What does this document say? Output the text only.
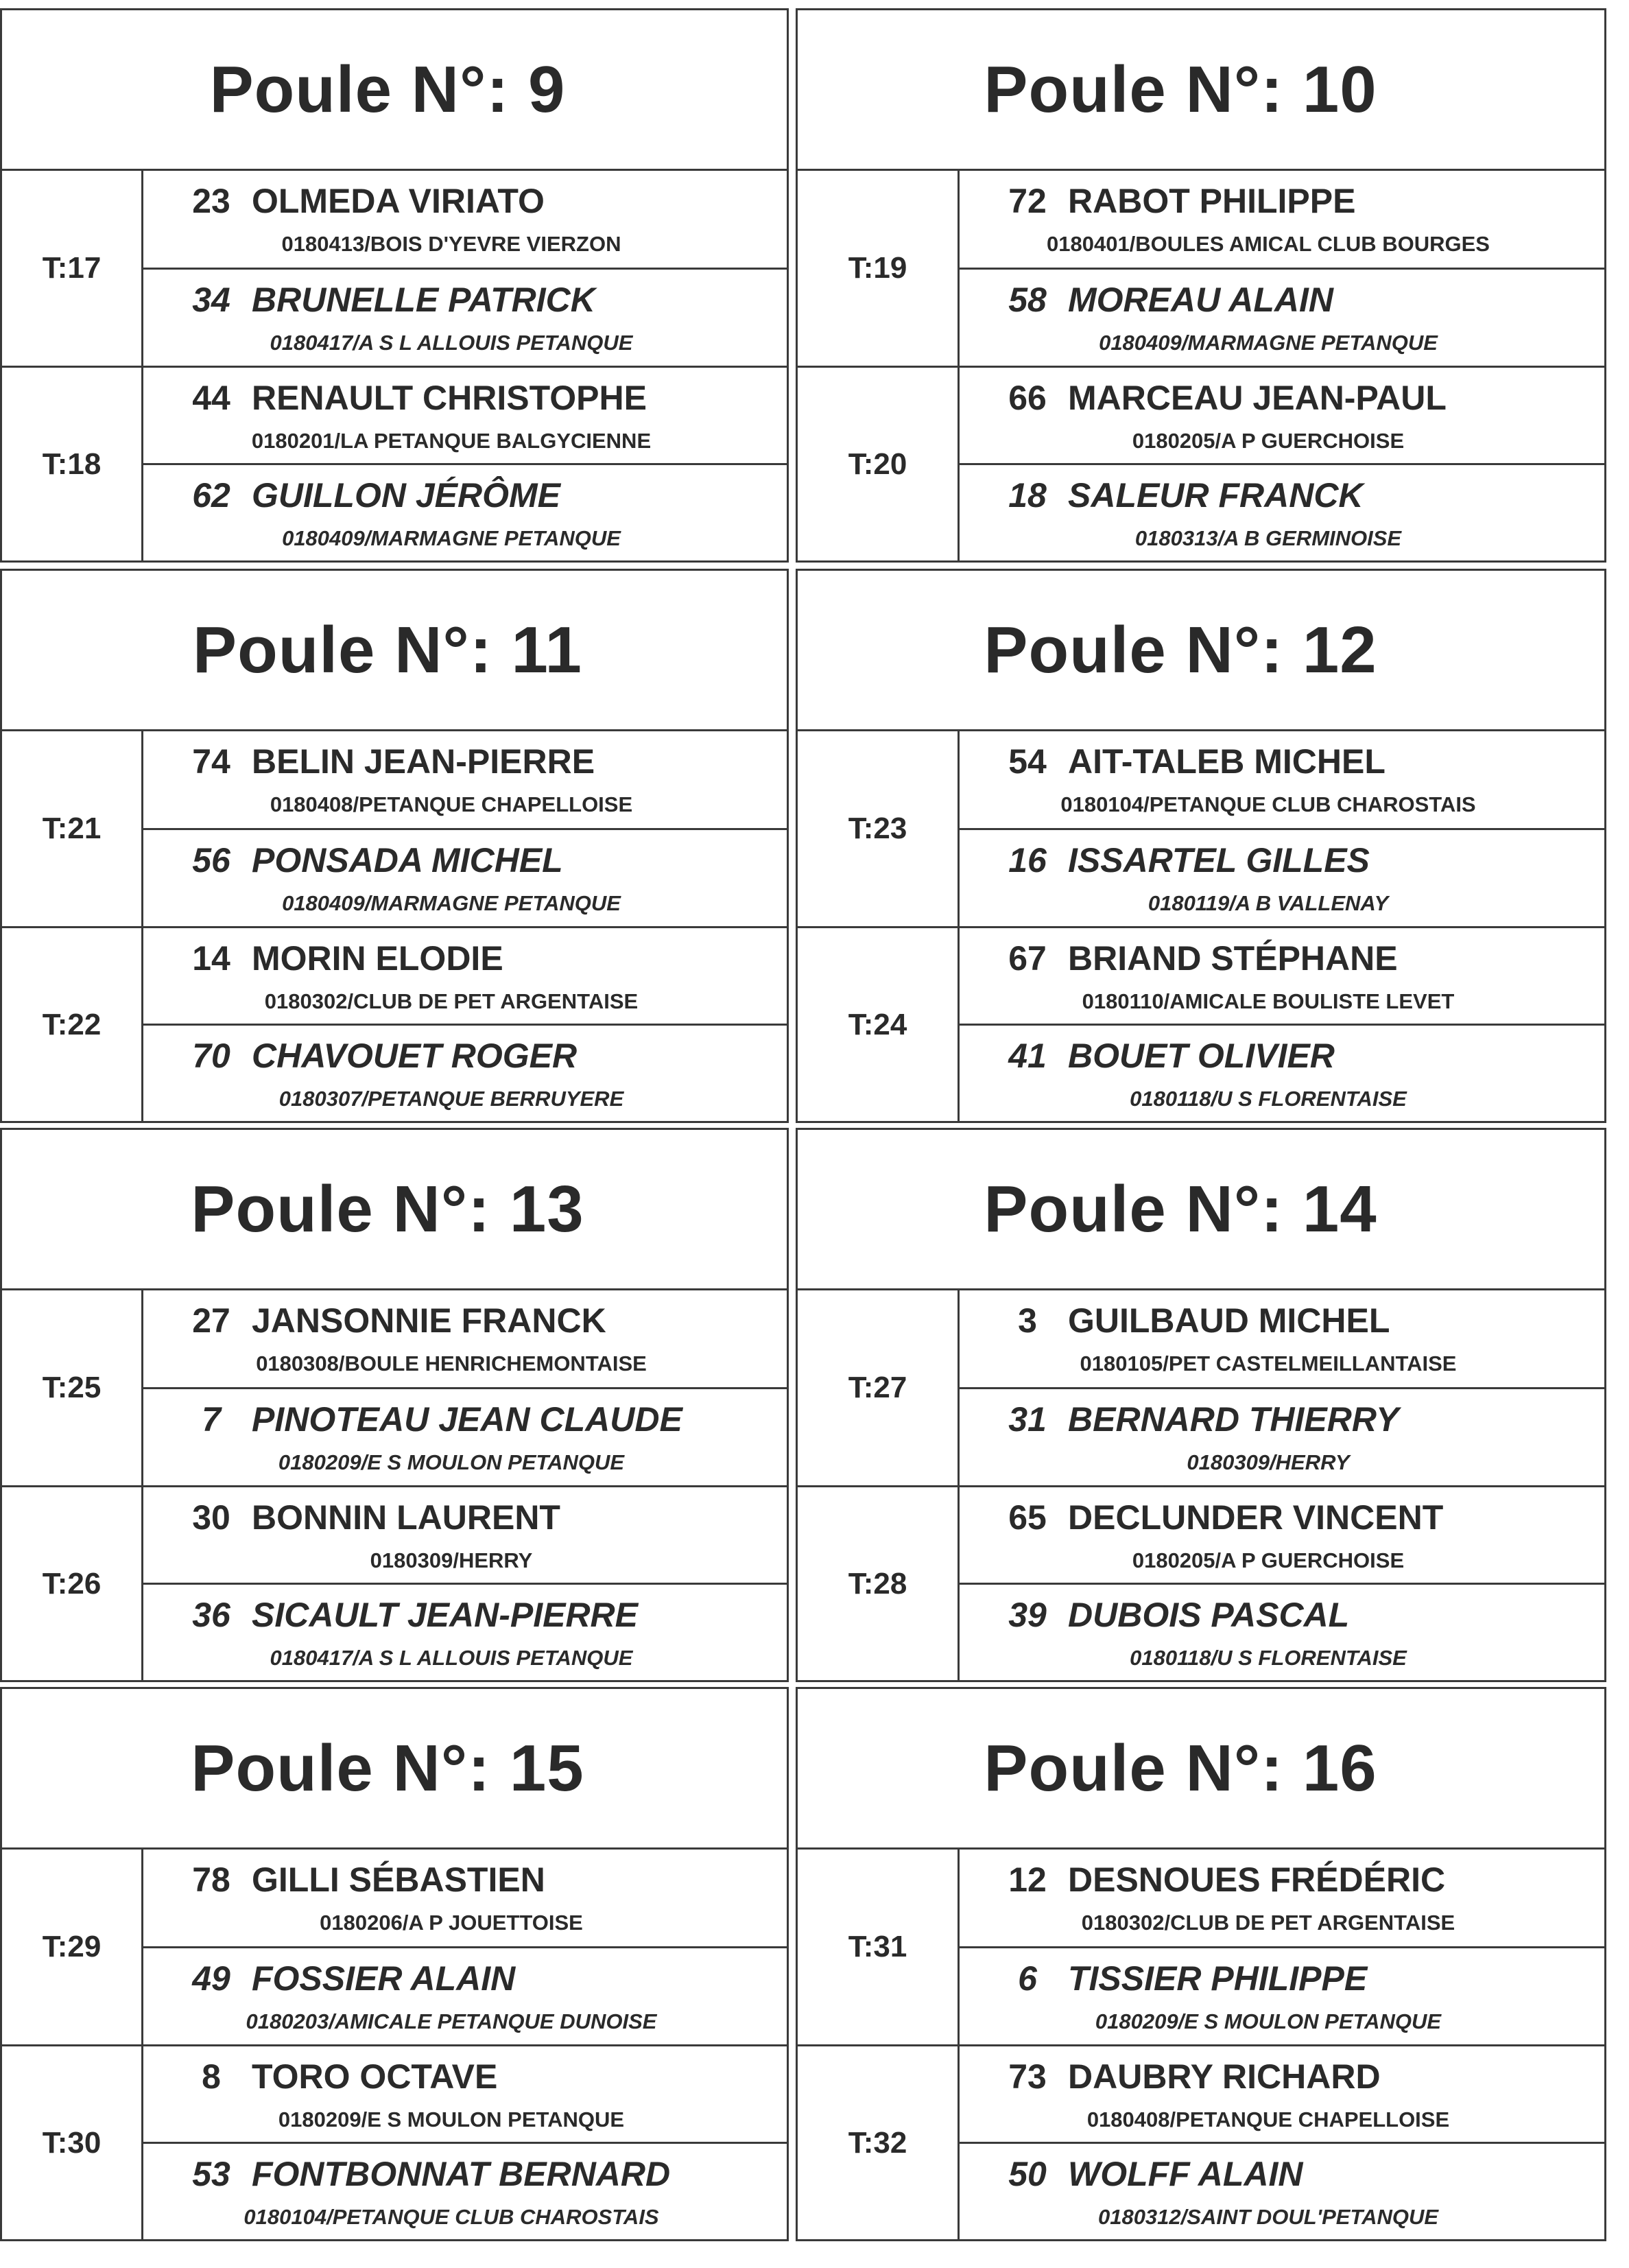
Poule N°: 9
T:17
23 OLMEDA VIRIATO
0180413/BOIS D'YEVRE VIERZON
34 BRUNELLE PATRICK
0180417/A S L ALLOUIS PETANQUE
T:18
44 RENAULT CHRISTOPHE
0180201/LA PETANQUE BALGYCIENNE
62 GUILLON JÉRÔME
0180409/MARMAGNE PETANQUE
Poule N°: 10
T:19
72 RABOT PHILIPPE
0180401/BOULES AMICAL CLUB BOURGES
58 MOREAU ALAIN
0180409/MARMAGNE PETANQUE
T:20
66 MARCEAU JEAN-PAUL
0180205/A P GUERCHOISE
18 SALEUR FRANCK
0180313/A B GERMINOISE
Poule N°: 11
T:21
74 BELIN JEAN-PIERRE
0180408/PETANQUE CHAPELLOISE
56 PONSADA MICHEL
0180409/MARMAGNE PETANQUE
T:22
14 MORIN ELODIE
0180302/CLUB DE PET ARGENTAISE
70 CHAVOUET ROGER
0180307/PETANQUE BERRUYERE
Poule N°: 12
T:23
54 AIT-TALEB MICHEL
0180104/PETANQUE CLUB CHAROSTAIS
16 ISSARTEL GILLES
0180119/A B VALLENAY
T:24
67 BRIAND STÉPHANE
0180110/AMICALE BOULISTE LEVET
41 BOUET OLIVIER
0180118/U S FLORENTAISE
Poule N°: 13
T:25
27 JANSONNIE FRANCK
0180308/BOULE HENRICHEMONTAISE
7 PINOTEAU JEAN CLAUDE
0180209/E S MOULON PETANQUE
T:26
30 BONNIN LAURENT
0180309/HERRY
36 SICAULT JEAN-PIERRE
0180417/A S L ALLOUIS PETANQUE
Poule N°: 14
T:27
3 GUILBAUD MICHEL
0180105/PET CASTELMEILLANTAISE
31 BERNARD THIERRY
0180309/HERRY
T:28
65 DECLUNDER VINCENT
0180205/A P GUERCHOISE
39 DUBOIS PASCAL
0180118/U S FLORENTAISE
Poule N°: 15
T:29
78 GILLI SÉBASTIEN
0180206/A P JOUETTOISE
49 FOSSIER ALAIN
0180203/AMICALE PETANQUE DUNOISE
T:30
8 TORO OCTAVE
0180209/E S MOULON PETANQUE
53 FONTBONNAT BERNARD
0180104/PETANQUE CLUB CHAROSTAIS
Poule N°: 16
T:31
12 DESNOUES FRÉDÉRIC
0180302/CLUB DE PET ARGENTAISE
6 TISSIER PHILIPPE
0180209/E S MOULON PETANQUE
T:32
73 DAUBRY RICHARD
0180408/PETANQUE CHAPELLOISE
50 WOLFF ALAIN
0180312/SAINT DOUL'PETANQUE
